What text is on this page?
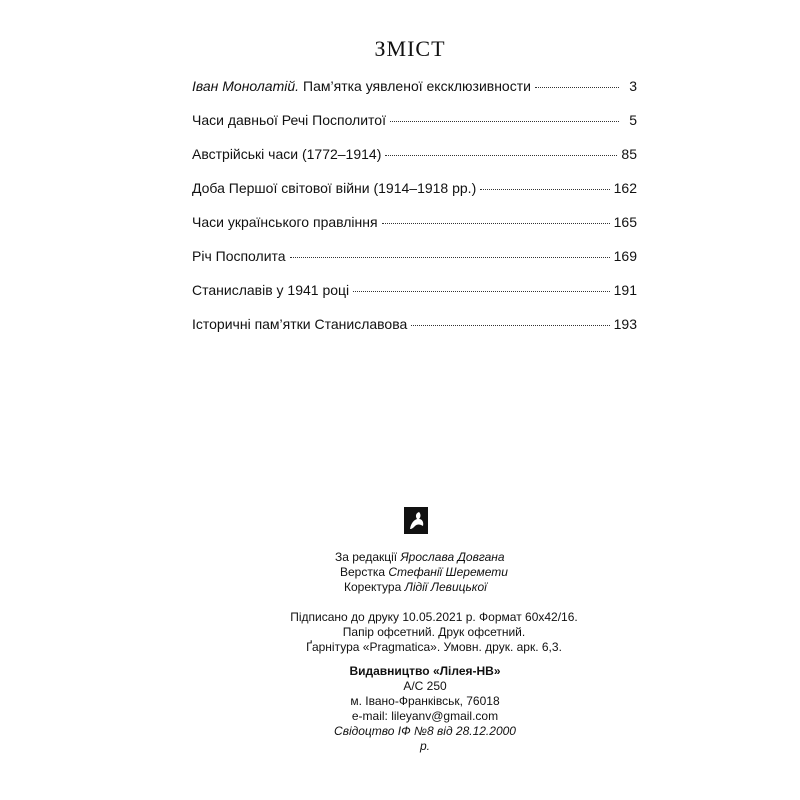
ЗМІСТ
Іван Монолатій. Пам’ятка уявленої ексклюзивности	3
Часи давньої Речі Посполитої	5
Австрійські часи (1772–1914)	85
Доба Першої світової війни (1914–1918 рр.)	162
Часи українського правління	165
Річ Посполита	169
Станиславів у 1941 році	191
Історичні пам’ятки Станиславова	193
За редакції Ярослава Довгана
Верстка Стефанії Шеремети
Коректура Лідії Левицької
Підписано до друку 10.05.2021 р. Формат 60х42/16.
Папір офсетний. Друк офсетний.
Ґарнітура «Pragmatica». Умовн. друк. арк. 6,3.
Видавництво «Лілея-НВ»
А/С 250
м. Івано-Франківськ, 76018
e-mail: lileyanv@gmail.com
Свідоцтво ІФ №8 від 28.12.2000 р.
